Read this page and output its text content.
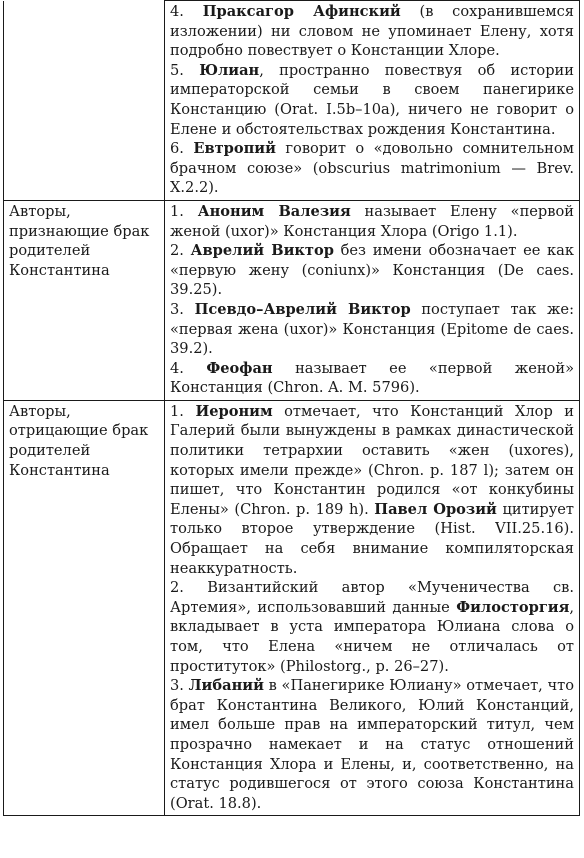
	4. Праксагор Афинский (в сохранившемся изложении) ни словом не упоминает Елену, хотя подробно повествует о Констанции Хлоре.

5. Юлиан, пространно повествуя об истории императорской семьи в своем панегирике Констанцию (Orat. I.5b–10a), ничего не говорит о Елене и обстоятельствах рождения Константина.

6. Евтропий говорит о «довольно сомнительном брачном союзе» (obscurius matrimonium — Brev. X.2.2).

Авторы, признающие брак родителей Константина	1. Аноним Валезия называет Елену «первой женой (uxor)» Констанция Хлора (Origo 1.1).

2. Аврелий Виктор без имени обозначает ее как «первую жену (coniunx)» Констанция (De caes. 39.25).

3. Псевдо–Аврелий Виктор поступает так же: «первая жена (uxor)» Констанция (Epitome de caes. 39.2).

4. Феофан называет ее «первой женой» Констанция (Chron. A. M. 5796).

Авторы, отрицающие брак родителей Константина	1. Иероним отмечает, что Констанций Хлор и Галерий были вынуждены в рамках династической политики тетрархии оставить «жен (uxores), которых имели прежде» (Chron. p. 187 l); затем он пишет, что Константин родился «от конкубины Елены» (Chron. p. 189 h). Павел Орозий цитирует только второе утверждение (Hist. VII.25.16). Обращает на себя внимание компиляторская неаккуратность.

2. Византийский автор «Мученичества св. Артемия», использовавший данные Филосторгия, вкладывает в уста императора Юлиана слова о том, что Елена «ничем не отличалась от проституток» (Philostorg., p. 26–27).

3. Либаний в «Панегирике Юлиану» отмечает, что брат Константина Великого, Юлий Констанций, имел больше прав на императорский титул, чем прозрачно намекает и на статус отношений Констанция Хлора и Елены, и, соответственно, на статус родившегося от этого союза Константина (Orat. 18.8).
